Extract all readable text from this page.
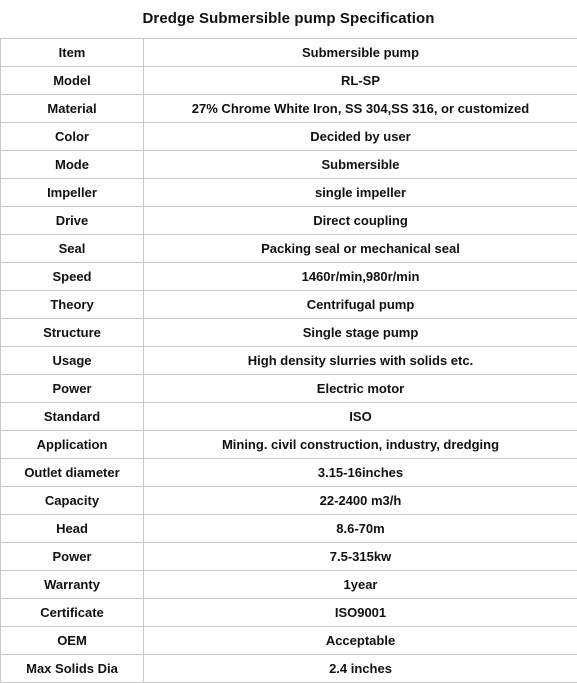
Dredge Submersible pump Specification
Item	Submersible pump
Model	RL-SP
Material	27% Chrome White Iron, SS 304,SS 316, or customized
Color	Decided by user
Mode	Submersible
Impeller	single impeller
Drive	Direct coupling
Seal	Packing seal or mechanical seal
Speed	1460r/min,980r/min
Theory	Centrifugal pump
Structure	Single stage pump
Usage	High density slurries with solids etc.
Power	Electric motor
Standard	ISO
Application	Mining. civil construction, industry, dredging
Outlet diameter	3.15-16inches
Capacity	22-2400 m3/h
Head	8.6-70m
Power	7.5-315kw
Warranty	1year
Certificate	ISO9001
OEM	Acceptable
Max Solids Dia	2.4 inches
